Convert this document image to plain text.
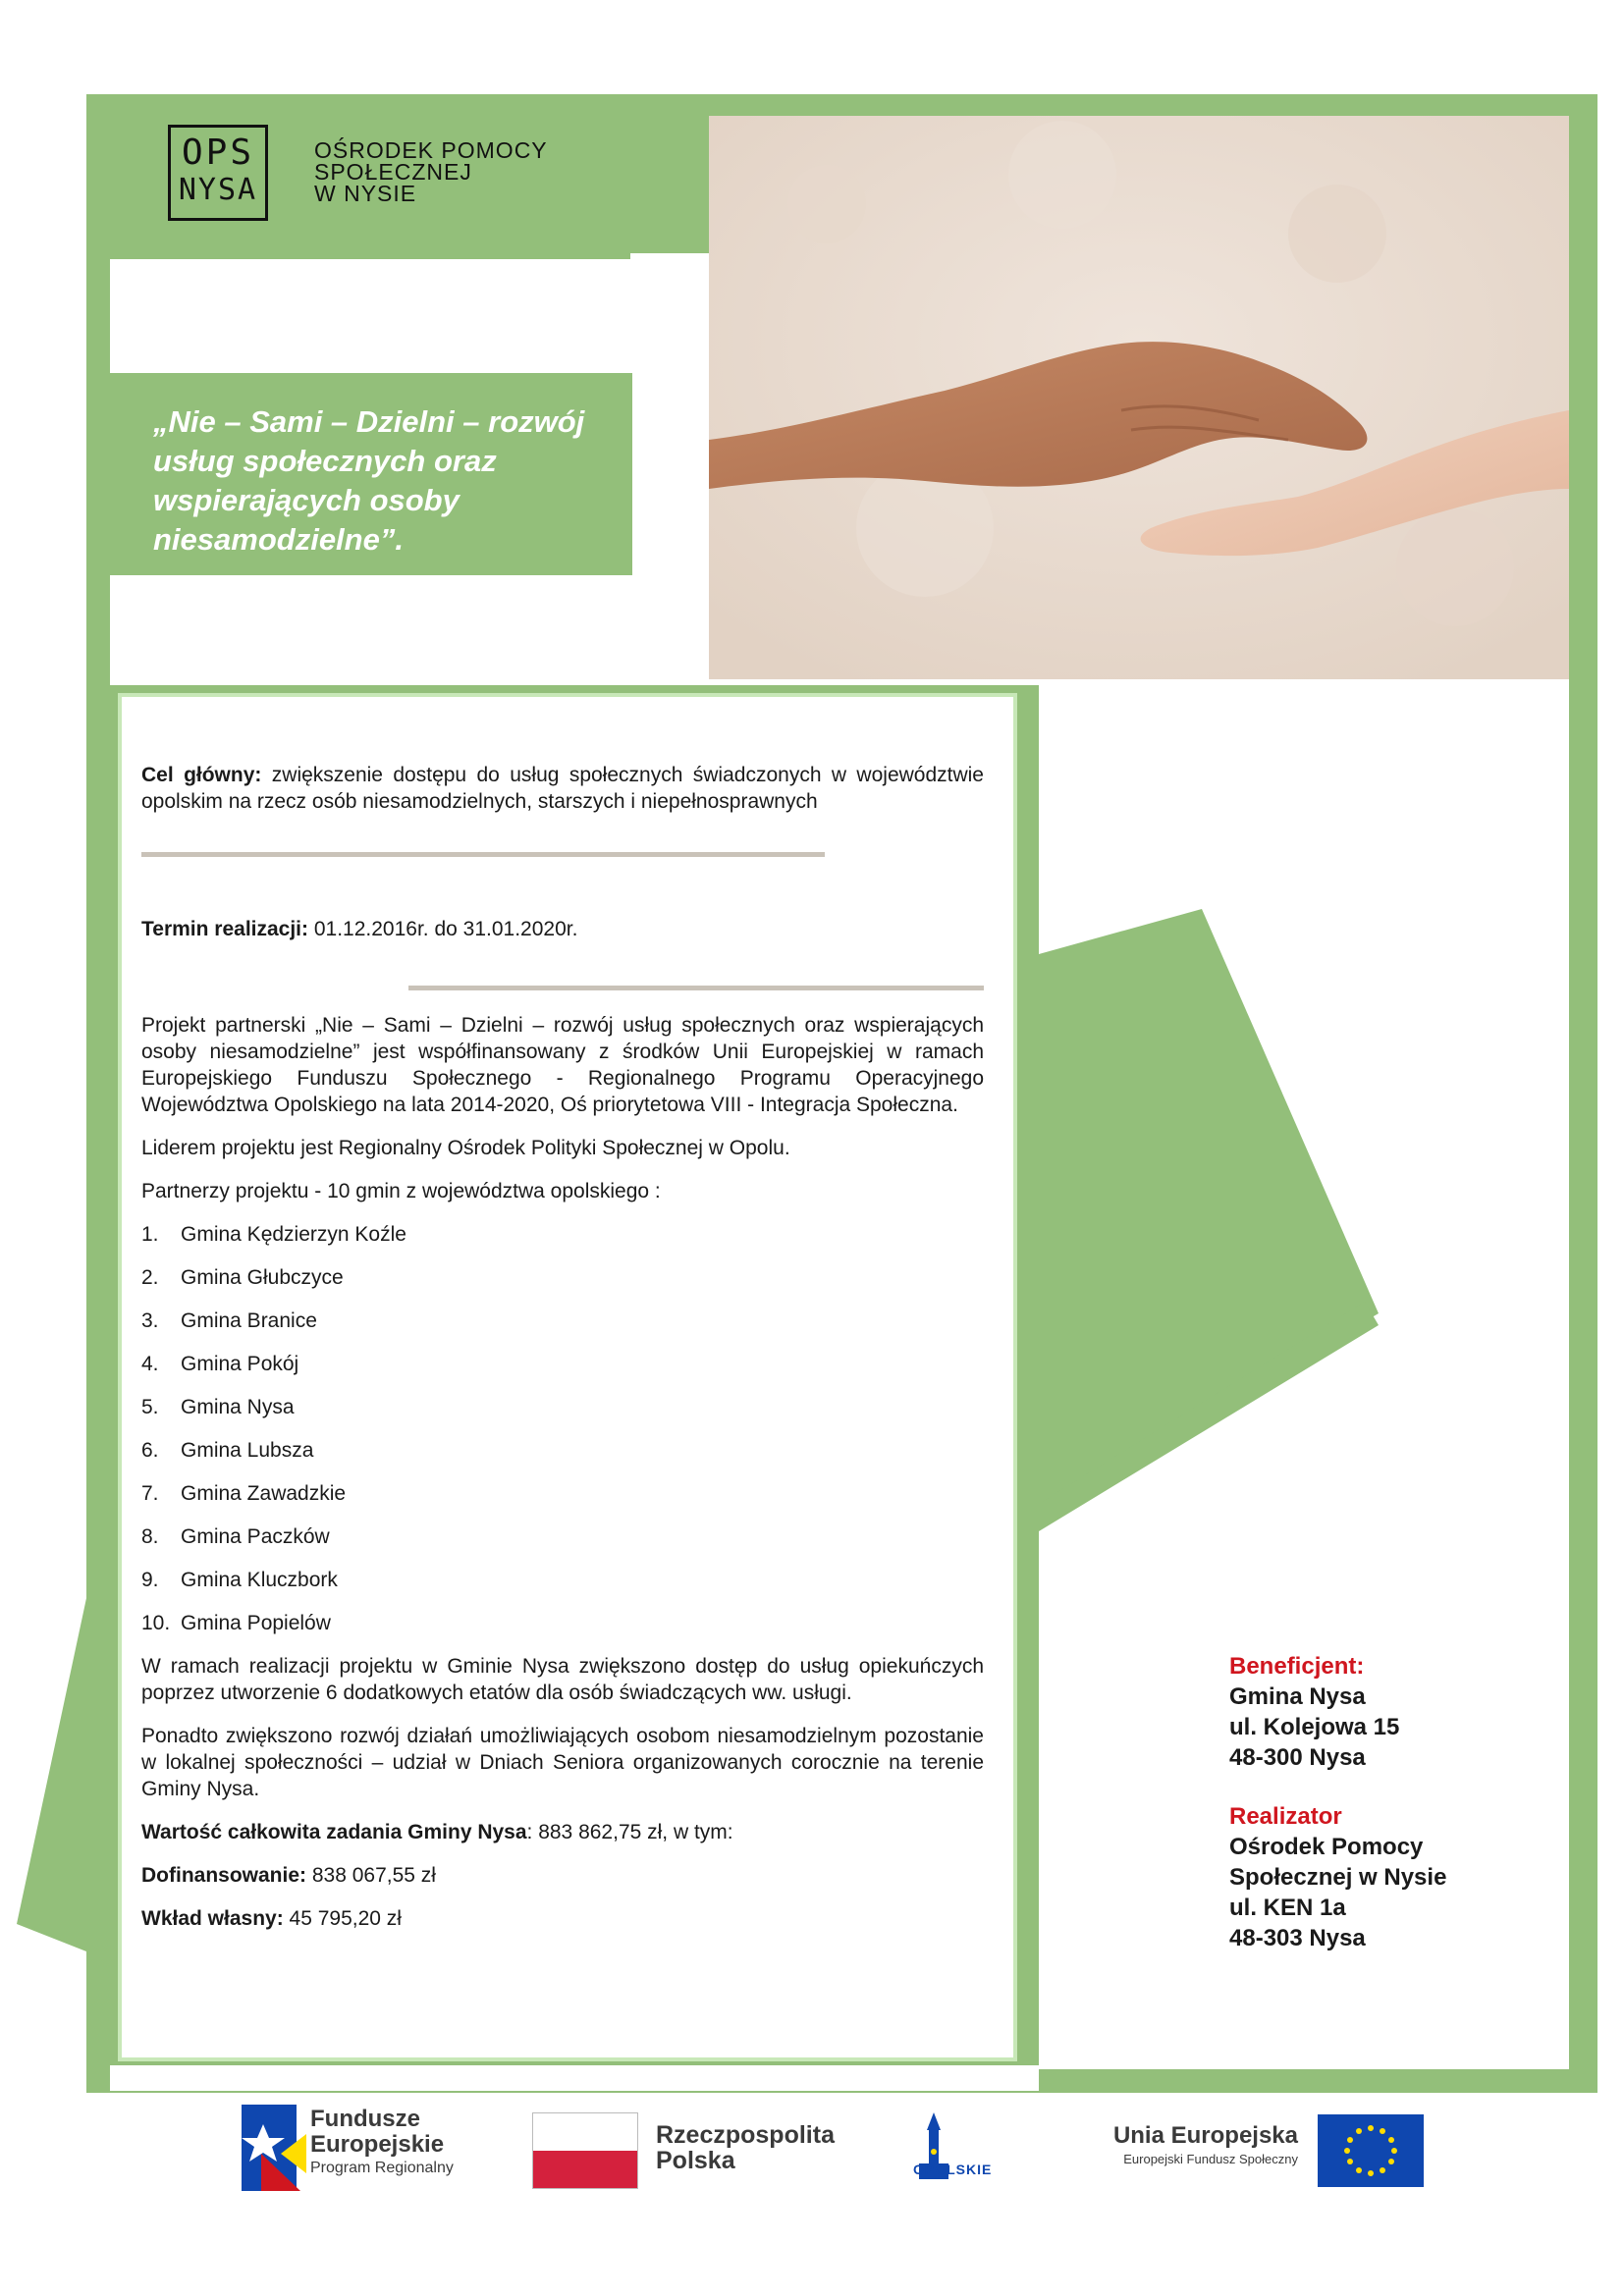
OPS
NYSA
OŚRODEK POMOCY
SPOŁECZNEJ
W NYSIE

„Nie – Sami – Dzielni – rozwój usług społecznych oraz wspierających osoby niesamodzielne”.

Cel główny: zwiększenie dostępu do usług społecznych świadczonych w województwie opolskim na rzecz osób niesamodzielnych, starszych i niepełnosprawnych

Termin realizacji: 01.12.2016r. do 31.01.2020r.

Projekt partnerski „Nie – Sami – Dzielni – rozwój usług społecznych oraz wspierających osoby niesamodzielne” jest współfinansowany z środków Unii Europejskiej w ramach Europejskiego Funduszu Społecznego - Regionalnego Programu Operacyjnego Województwa Opolskiego na lata 2014-2020, Oś priorytetowa VIII - Integracja Społeczna.

Liderem projektu jest Regionalny Ośrodek Polityki Społecznej w Opolu.

Partnerzy projektu - 10 gmin z województwa opolskiego :

1.	Gmina Kędzierzyn Koźle
2.	Gmina Głubczyce
3.	Gmina Branice
4.	Gmina Pokój
5.	Gmina Nysa
6.	Gmina Lubsza
7.	Gmina Zawadzkie
8.	Gmina Paczków
9.	Gmina Kluczbork
10. Gmina Popielów

W ramach realizacji projektu w Gminie Nysa zwiększono dostęp do usług opiekuńczych poprzez utworzenie 6 dodatkowych etatów dla osób świadczących ww. usługi.

Ponadto zwiększono rozwój działań umożliwiających osobom niesamodzielnym pozostanie w lokalnej społeczności – udział w Dniach Seniora organizowanych corocznie na terenie Gminy Nysa.

Wartość całkowita zadania Gminy Nysa: 883 862,75 zł, w tym:

Dofinansowanie: 838 067,55 zł

Wkład własny: 45 795,20 zł

Beneficjent:
Gmina Nysa
ul. Kolejowa 15
48-300 Nysa
Realizator
Ośrodek Pomocy
Społecznej w Nysie
ul. KEN 1a
48-303 Nysa
Fundusze
Europejskie
Program Regionalny
Rzeczpospolita
Polska	OPOLSKIE
Unia Europejska
Europejski Fundusz Społeczny
